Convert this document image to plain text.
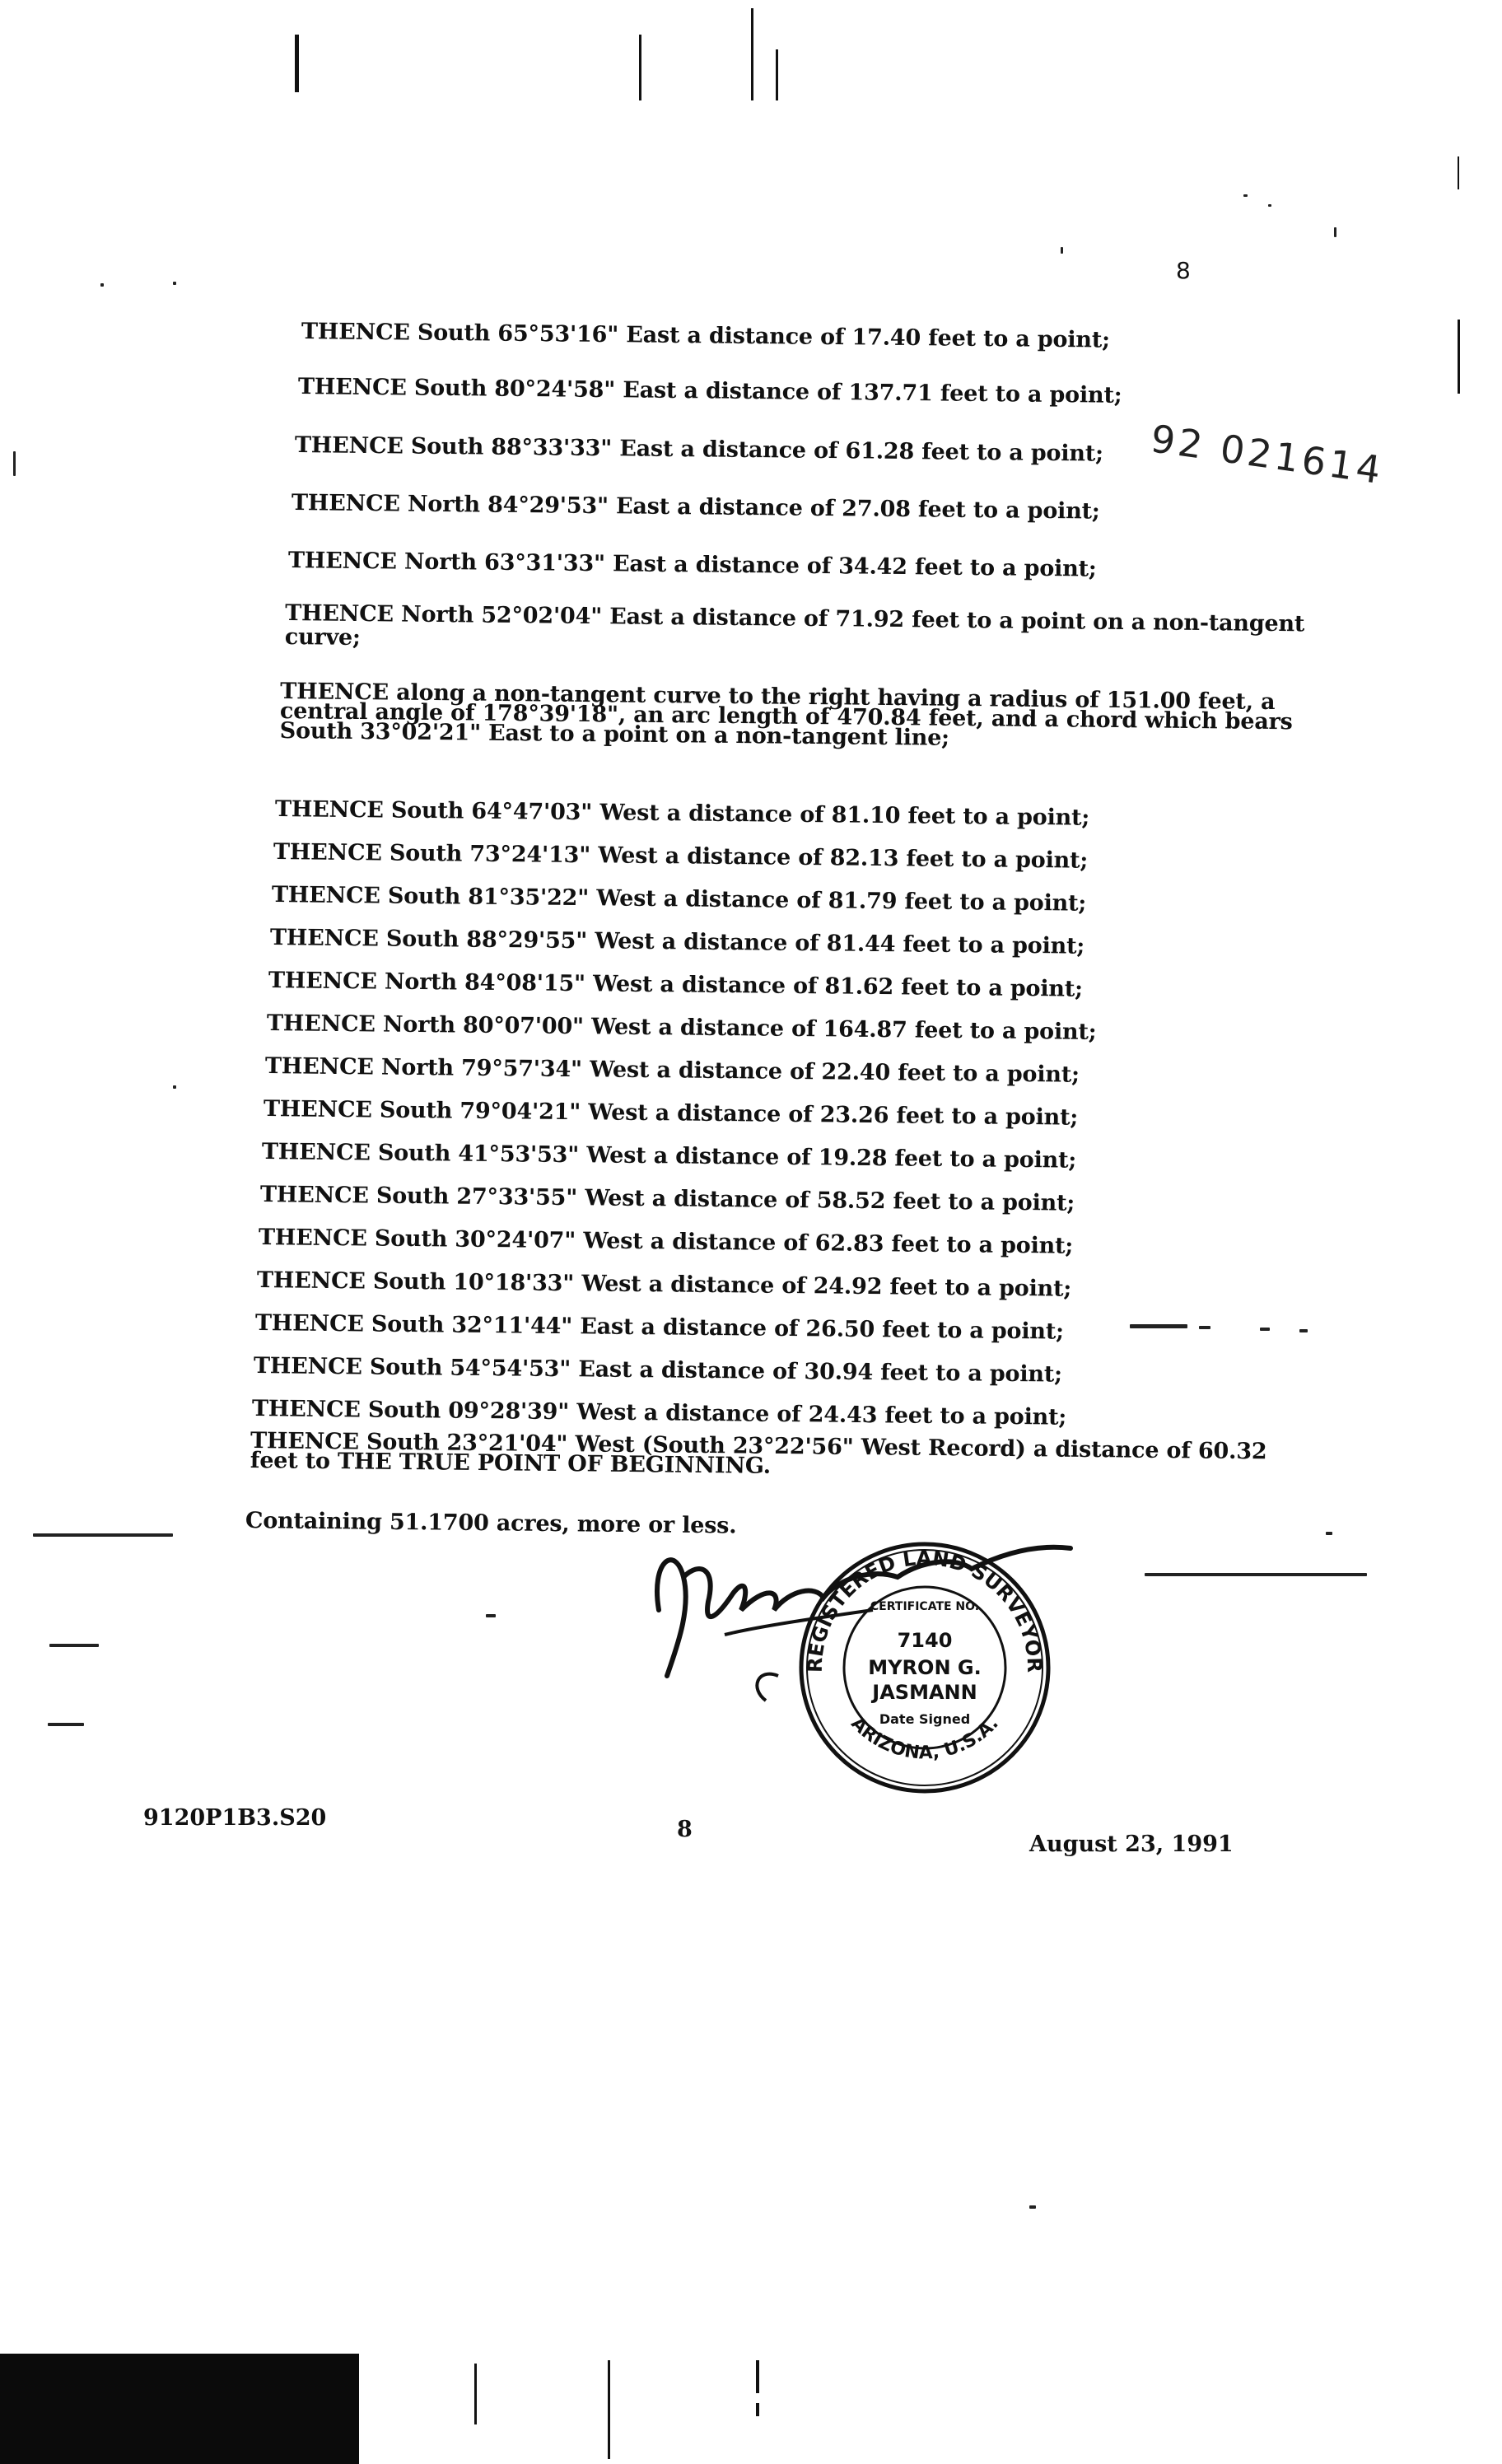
8
92 021614
THENCE South 65°53'16" East a distance of 17.40 feet to a point;
THENCE South 80°24'58" East a distance of 137.71 feet to a point;
THENCE South 88°33'33" East a distance of 61.28 feet to a point;
THENCE North 84°29'53" East a distance of 27.08 feet to a point;
THENCE North 63°31'33" East a distance of 34.42 feet to a point;
THENCE North 52°02'04" East a distance of 71.92 feet to a point on a non-tangent curve;
THENCE along a non-tangent curve to the right having a radius of 151.00 feet, a central angle of 178°39'18", an arc length of 470.84 feet, and a chord which bears South 33°02'21" East to a point on a non-tangent line;
THENCE South 64°47'03" West a distance of 81.10 feet to a point;
THENCE South 73°24'13" West a distance of 82.13 feet to a point;
THENCE South 81°35'22" West a distance of 81.79 feet to a point;
THENCE South 88°29'55" West a distance of 81.44 feet to a point;
THENCE North 84°08'15" West a distance of 81.62 feet to a point;
THENCE North 80°07'00" West a distance of 164.87 feet to a point;
THENCE North 79°57'34" West a distance of 22.40 feet to a point;
THENCE South 79°04'21" West a distance of 23.26 feet to a point;
THENCE South 41°53'53" West a distance of 19.28 feet to a point;
THENCE South 27°33'55" West a distance of 58.52 feet to a point;
THENCE South 30°24'07" West a distance of 62.83 feet to a point;
THENCE South 10°18'33" West a distance of 24.92 feet to a point;
THENCE South 32°11'44" East a distance of 26.50 feet to a point;
THENCE South 54°54'53" East a distance of 30.94 feet to a point;
THENCE South 09°28'39" West a distance of 24.43 feet to a point;
THENCE South 23°21'04" West (South 23°22'56" West Record) a distance of 60.32 feet to THE TRUE POINT OF BEGINNING.
Containing 51.1700 acres, more or less.
REGISTERED LAND SURVEYOR
ARIZONA, U.S.A.
CERTIFICATE NO.
7140
MYRON G.
JASMANN
Date Signed
9120P1B3.S20	8
August 23, 1991
